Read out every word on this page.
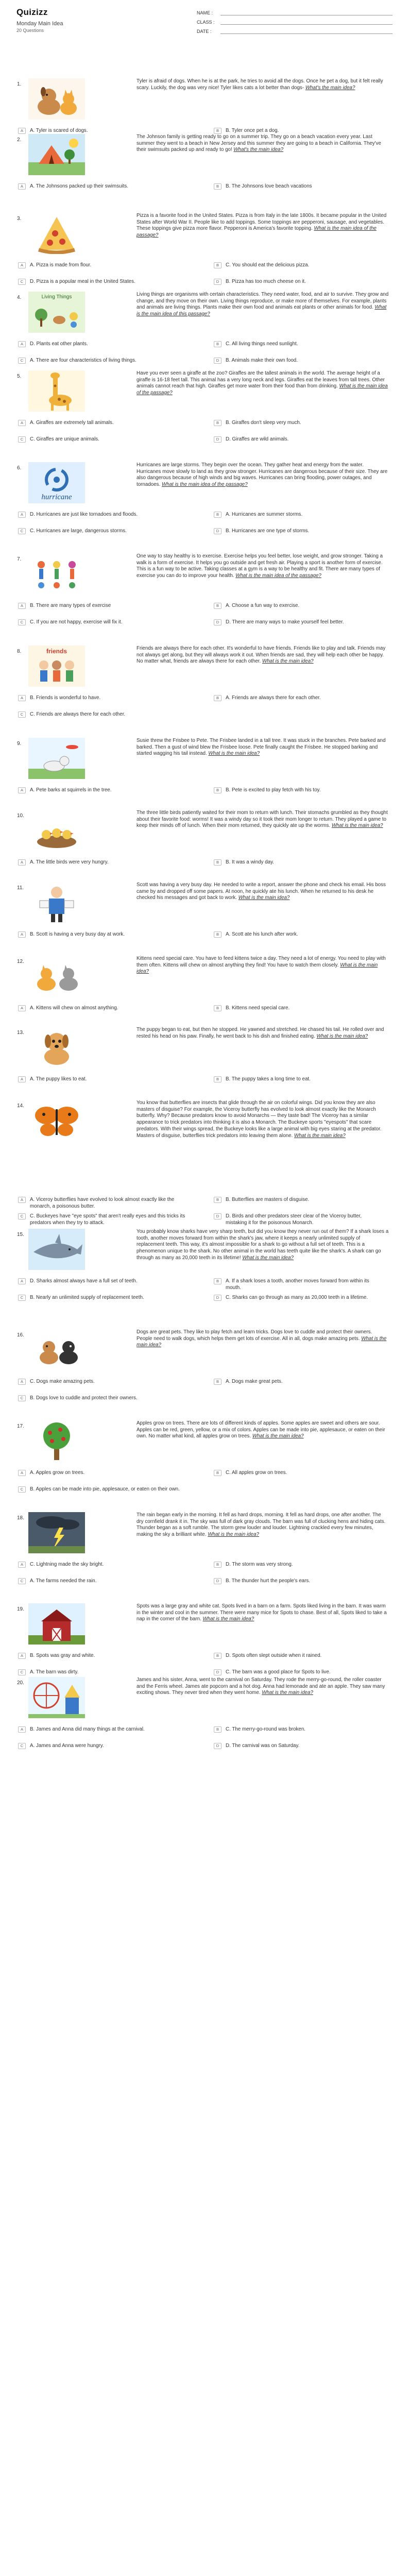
Quizizz
Monday Main Idea
20 Questions
NAME :
CLASS :
DATE :
1.
Tyler is afraid of dogs. When he is at the park, he tries to avoid all the dogs. Once he pet a dog, but it felt really scary. Luckily, the dog was very nice! Tyler likes cats a lot better than dogs- What's the main idea?
A	A. Tyler is scared of dogs.	B	B. Tyler once pet a dog.
2.
The Johnson family is getting ready to go on a summer trip. They go on a beach vacation every year. Last summer they went to a beach in New Jersey and this summer they are going to a beach in California. They've their swimsuits packed up and ready to go! What's the main idea?
A	A. The Johnsons packed up their swimsuits.	B	B. The Johnsons love beach vacations
3.
Pizza is a favorite food in the United States. Pizza is from Italy in the late 1800s. It became popular in the United States after World War II. People like to add toppings. Some toppings are pepperoni, sausage, and vegetables. These toppings give pizza more flavor. Pepperoni is America's favorite topping. What is the main idea of the passage?
A	A. Pizza is made from flour.	B	C. You should eat the delicious pizza.
C	D. Pizza is a popular meal in the United States.	D	B. Pizza has too much cheese on it.
4.	Living Things	Living things are organisms with certain characteristics. They need water, food, and air to survive. They grow and change, and they move on their own. Living things reproduce, or make more of themselves. For example, plants and animals are living things. Plants make their own food and animals eat plants or other animals for food. What is the main idea of this passage?
A	D. Plants eat other plants.	B	C. All living things need sunlight.
C	A. There are four characteristics of living things.	D	B. Animals make their own food.
5.
Have you ever seen a giraffe at the zoo? Giraffes are the tallest animals in the world. The average height of a giraffe is 16-18 feet tall. This animal has a very long neck and legs. Giraffes eat the leaves from tall trees. Other animals cannot reach that high. Giraffes get more water from their food than from drinking. What is the main idea of the passage?
A	A. Giraffes are extremely tall animals.	B	B. Giraffes don't sleep very much.
C	C. Giraffes are unique animals.	D	D. Giraffes are wild animals.
6.
hurricane
Hurricanes are large storms. They begin over the ocean. They gather heat and energy from the water. Hurricanes move slowly to land as they grow stronger. Hurricanes are dangerous because of their size. They are also dangerous because of high winds and big waves. Hurricanes can bring flooding, power outages, and tornadoes. What is the main idea of the passage?
A	D. Hurricanes are just like tornadoes and floods.	B	A. Hurricanes are summer storms.
C	C. Hurricanes are large, dangerous storms.	D	B. Hurricanes are one type of storms.
7.
One way to stay healthy is to exercise. Exercise helps you feel better, lose weight, and grow stronger. Taking a walk is a form of exercise. It helps you go outside and get fresh air. Playing a sport is another form of exercise. This is a fun way to be active. Taking classes at a gym is a way to be healthy and fit. There are many types of exercise you can do to improve your health. What is the main idea of the passage?
A	B. There are many types of exercise	B	A. Choose a fun way to exercise.
C	C. If you are not happy, exercise will fix it.	D	D. There are many ways to make yourself feel better.
8.	friends	Friends are always there for each other. It's wonderful to have friends. Friends like to play and talk. Friends may not always get along, but they will always work it out. When friends are sad, they will help each other be happy. No matter what, friends are always there for each other. What is the main idea?
A	B. Friends is wonderful to have.	B	A. Friends are always there for each other.
C	C. Friends are always there for each other.
9.
Susie threw the Frisbee to Pete. The Frisbee landed in a tall tree. It was stuck in the branches. Pete barked and barked. Then a gust of wind blew the Frisbee loose. Pete finally caught the Frisbee. He stopped barking and started wagging his tail instead. What is the main idea?
A	A. Pete barks at squirrels in the tree.	B	B. Pete is excited to play fetch with his toy.
10.
The three little birds patiently waited for their mom to return with lunch. Their stomachs grumbled as they thought about their favorite food: worms! It was a windy day so it took their mom longer to return. They played a game to keep their minds off of lunch. When their mom returned, they quickly ate up the worms. What is the main idea?
A	A. The little birds were very hungry.	B	B. It was a windy day.
11.
Scott was having a very busy day. He needed to write a report, answer the phone and check his email. His boss came by and dropped off some papers. At noon, he quickly ate his lunch. When he returned to his desk he checked his messages and got back to work. What is the main idea?
A	B. Scott is having a very busy day at work.	B	A. Scott ate his lunch after work.
12.
Kittens need special care. You have to feed kittens twice a day. They need a lot of energy. You need to play with them often. Kittens will chew on almost anything they find! You have to watch them closely. What is the main idea?
A	A. Kittens will chew on almost anything.	B	B. Kittens need special care.
13.
The puppy began to eat, but then he stopped. He yawned and stretched. He chased his tail. He rolled over and rested his head on his paw. Finally, he went back to his dish and finished eating. What is the main idea?
A	A. The puppy likes to eat.	B	B. The puppy takes a long time to eat.
14.
You know that butterflies are insects that glide through the air on colorful wings. Did you know they are also masters of disguise? For example, the Viceroy butterfly has evolved to look almost exactly like the Monarch butterfly. Why? Because predators know to avoid Monarchs — they taste bad! The Viceroy has a similar appearance to trick predators into thinking it is also a Monarch. The Buckeye sports "eyespots" that scare predators. With their wings spread, the Buckeye looks like a large animal with big eyes staring at the predator. Masters of disguise, butterflies trick predators into leaving them alone. What is the main idea?
A	A. Viceroy butterflies have evolved to look almost exactly like the monarch, a poisonous butter.
B	B. Butterflies are masters of disguise.
C	C. Buckeyes have "eye spots" that aren't really eyes and this tricks its predators when they try to attack.
D	D. Birds and other predators steer clear of the Viceroy butter, mistaking it for the poisonous Monarch.
15.
You probably know sharks have very sharp teeth, but did you know they never run out of them? If a shark loses a tooth, another moves forward from within the shark's jaw, where it keeps a nearly unlimited supply of replacement teeth. This way, it's almost impossible for a shark to go without a full set of teeth. This is a phenomenon unique to the shark. No other animal in the world has teeth quite like the shark's. A shark can go through as many as 20,000 teeth in its lifetime! What is the main idea?
A	D. Sharks almost always have a full set of teeth.	B	A. If a shark loses a tooth, another moves forward from within its mouth.
C	B. Nearly an unlimited supply of replacement teeth.	D	C. Sharks can go through as many as 20,000 teeth in a lifetime.
16.
Dogs are great pets. They like to play fetch and learn tricks. Dogs love to cuddle and protect their owners. People need to walk dogs, which helps them get lots of exercise. All in all, dogs make amazing pets. What is the main idea?
A	C. Dogs make amazing pets.	B	A. Dogs make great pets.
C	B. Dogs love to cuddle and protect their owners.
17.
Apples grow on trees. There are lots of different kinds of apples. Some apples are sweet and others are sour. Apples can be red, green, yellow, or a mix of colors. Apples can be made into pie, applesauce, or eaten on their own. No matter what kind, all apples grow on trees. What is the main idea?
A	A. Apples grow on trees.	B	C. All apples grow on trees.
C	B. Apples can be made into pie, applesauce, or eaten on their own.
18.
The rain began early in the morning. It fell as hard drops, morning. It fell as hard drops, one after another. The dry cornfield drank it in. The sky was full of dark gray clouds. The barn was full of clucking hens and hiding cats. Thunder began as a soft rumble. The storm grew louder and louder. Lightning crackled every few minutes, making the sky a brilliant white. What is the main idea?
A	C. Lightning made the sky bright.	B	D. The storm was very strong.
C	A. The farms needed the rain.	D	B. The thunder hurt the people's ears.
19.
Spots was a large gray and white cat. Spots lived in a barn on a farm. Spots liked living in the barn. It was warm in the winter and cool in the summer. There were many mice for Spots to chase. Best of all, Spots liked to take a nap in the corner of the barn. What is the main idea?
A	B. Spots was gray and white.	B	D. Spots often slept outside when it rained.
C	A. The barn was dirty.	D	C. The barn was a good place for Spots to live.
20.
James and his sister, Anna, went to the carnival on Saturday. They rode the merry-go-round, the roller coaster and the Ferris wheel. James ate popcorn and a hot dog. Anna had lemonade and ate an apple. They saw many exciting shows. They never tired when they went home. What is the main idea?
A	B. James and Anna did many things at the carnival.	B	C. The merry-go-round was broken.
C	A. James and Anna were hungry.	D	D. The carnival was on Saturday.
